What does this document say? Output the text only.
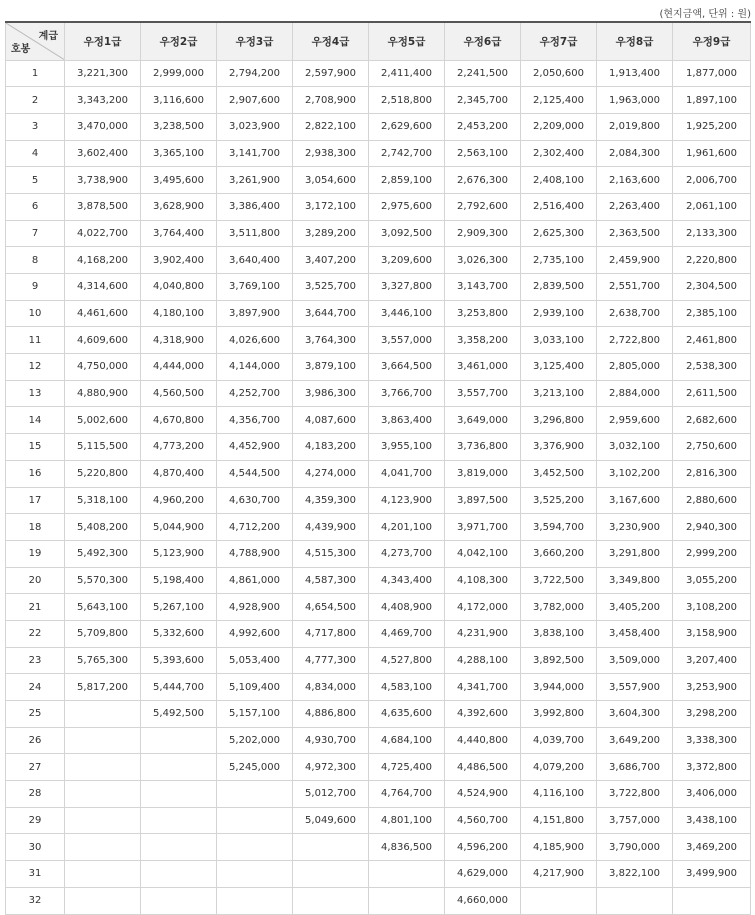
(현지금액, 단위 : 원)
계급
호봉	우정1급	우정2급	우정3급	우정4급	우정5급	우정6급	우정7급	우정8급	우정9급
1	3,221,300	2,999,000	2,794,200	2,597,900	2,411,400	2,241,500	2,050,600	1,913,400	1,877,000
2	3,343,200	3,116,600	2,907,600	2,708,900	2,518,800	2,345,700	2,125,400	1,963,000	1,897,100
3	3,470,000	3,238,500	3,023,900	2,822,100	2,629,600	2,453,200	2,209,000	2,019,800	1,925,200
4	3,602,400	3,365,100	3,141,700	2,938,300	2,742,700	2,563,100	2,302,400	2,084,300	1,961,600
5	3,738,900	3,495,600	3,261,900	3,054,600	2,859,100	2,676,300	2,408,100	2,163,600	2,006,700
6	3,878,500	3,628,900	3,386,400	3,172,100	2,975,600	2,792,600	2,516,400	2,263,400	2,061,100
7	4,022,700	3,764,400	3,511,800	3,289,200	3,092,500	2,909,300	2,625,300	2,363,500	2,133,300
8	4,168,200	3,902,400	3,640,400	3,407,200	3,209,600	3,026,300	2,735,100	2,459,900	2,220,800
9	4,314,600	4,040,800	3,769,100	3,525,700	3,327,800	3,143,700	2,839,500	2,551,700	2,304,500
10	4,461,600	4,180,100	3,897,900	3,644,700	3,446,100	3,253,800	2,939,100	2,638,700	2,385,100
11	4,609,600	4,318,900	4,026,600	3,764,300	3,557,000	3,358,200	3,033,100	2,722,800	2,461,800
12	4,750,000	4,444,000	4,144,000	3,879,100	3,664,500	3,461,000	3,125,400	2,805,000	2,538,300
13	4,880,900	4,560,500	4,252,700	3,986,300	3,766,700	3,557,700	3,213,100	2,884,000	2,611,500
14	5,002,600	4,670,800	4,356,700	4,087,600	3,863,400	3,649,000	3,296,800	2,959,600	2,682,600
15	5,115,500	4,773,200	4,452,900	4,183,200	3,955,100	3,736,800	3,376,900	3,032,100	2,750,600
16	5,220,800	4,870,400	4,544,500	4,274,000	4,041,700	3,819,000	3,452,500	3,102,200	2,816,300
17	5,318,100	4,960,200	4,630,700	4,359,300	4,123,900	3,897,500	3,525,200	3,167,600	2,880,600
18	5,408,200	5,044,900	4,712,200	4,439,900	4,201,100	3,971,700	3,594,700	3,230,900	2,940,300
19	5,492,300	5,123,900	4,788,900	4,515,300	4,273,700	4,042,100	3,660,200	3,291,800	2,999,200
20	5,570,300	5,198,400	4,861,000	4,587,300	4,343,400	4,108,300	3,722,500	3,349,800	3,055,200
21	5,643,100	5,267,100	4,928,900	4,654,500	4,408,900	4,172,000	3,782,000	3,405,200	3,108,200
22	5,709,800	5,332,600	4,992,600	4,717,800	4,469,700	4,231,900	3,838,100	3,458,400	3,158,900
23	5,765,300	5,393,600	5,053,400	4,777,300	4,527,800	4,288,100	3,892,500	3,509,000	3,207,400
24	5,817,200	5,444,700	5,109,400	4,834,000	4,583,100	4,341,700	3,944,000	3,557,900	3,253,900
25		5,492,500	5,157,100	4,886,800	4,635,600	4,392,600	3,992,800	3,604,300	3,298,200
26			5,202,000	4,930,700	4,684,100	4,440,800	4,039,700	3,649,200	3,338,300
27			5,245,000	4,972,300	4,725,400	4,486,500	4,079,200	3,686,700	3,372,800
28				5,012,700	4,764,700	4,524,900	4,116,100	3,722,800	3,406,000
29				5,049,600	4,801,100	4,560,700	4,151,800	3,757,000	3,438,100
30					4,836,500	4,596,200	4,185,900	3,790,000	3,469,200
31						4,629,000	4,217,900	3,822,100	3,499,900
32						4,660,000			
